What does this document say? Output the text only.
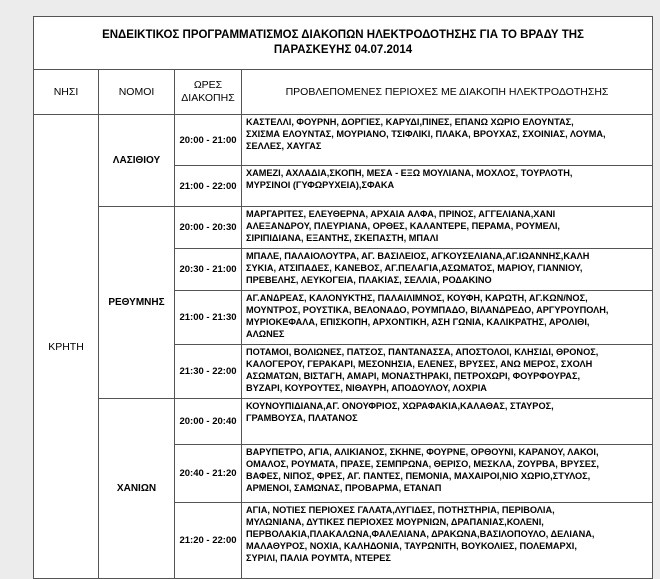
ΕΝΔΕΙΚΤΙΚΟΣ ΠΡΟΓΡΑΜΜΑΤΙΣΜΟΣ ΔΙΑΚΟΠΩΝ ΗΛΕΚΤΡΟΔΟΤΗΣΗΣ ΓΙΑ ΤΟ ΒΡΑΔΥ ΤΗΣ
ΠΑΡΑΣΚΕΥΗΣ 04.07.2014			

ΝΗΣΙ	ΝΟΜΟΙ	ΩΡΕΣ
ΔΙΑΚΟΠΗΣ	ΠΡΟΒΛΕΠΟΜΕΝΕΣ ΠΕΡΙΟΧΕΣ ΜΕ ΔΙΑΚΟΠΗ ΗΛΕΚΤΡΟΔΟΤΗΣΗΣ
ΚΡΗΤΗ	ΛΑΣΙΘΙΟΥ	20:00 - 21:00	ΚΑΣΤΕΛΛΙ, ΦΟΥΡΝΗ, ΔΟΡΓΙΕΣ, ΚΑΡΥΔΙ,ΠΙΝΕΣ, ΕΠΑΝΩ ΧΩΡΙΟ ΕΛΟΥΝΤΑΣ,
ΣΧΙΣΜΑ ΕΛΟΥΝΤΑΣ, ΜΟΥΡΙΑΝΟ, ΤΣΙΦΛΙΚΙ, ΠΛΑΚΑ, ΒΡΟΥΧΑΣ, ΣΧΟΙΝΙΑΣ, ΛΟΥΜΑ,
ΣΕΛΛΕΣ, ΧΑΥΓΑΣ
		21:00 - 22:00	ΧΑΜΕΖΙ, ΑΧΛΑΔΙΑ,ΣΚΟΠΗ, ΜΕΣΑ - ΕΞΩ ΜΟΥΛΙΑΝΑ, ΜΟΧΛΟΣ, ΤΟΥΡΛΟΤΗ,
ΜΥΡΣΙΝΟΙ (ΓΥΦΩΡΥΧΕΙΑ),ΣΦΑΚΑ
	ΡΕΘΥΜΝΗΣ	20:00 - 20:30	ΜΑΡΓΑΡΙΤΕΣ, ΕΛΕΥΘΕΡΝΑ, ΑΡΧΑΙΑ ΑΛΦΑ, ΠΡΙΝΟΣ, ΑΓΓΕΛΙΑΝΑ,ΧΑΝΙ
ΑΛΕΞΑΝΔΡΟΥ, ΠΛΕΥΡΙΑΝΑ, ΟΡΘΕΣ, ΚΑΛΑΝΤΕΡΕ, ΠΕΡΑΜΑ, ΡΟΥΜΕΛΙ,
ΣΙΡΙΠΙΔΙΑΝΑ, ΕΞΑΝΤΗΣ, ΣΚΕΠΑΣΤΗ, ΜΠΑΛΙ
		20:30 - 21:00	ΜΠΑΛΕ, ΠΑΛΑΙΟΛΟΥΤΡΑ, ΑΓ. ΒΑΣΙΛΕΙΟΣ, ΑΓΚΟΥΣΕΛΙΑΝΑ,ΑΓ.ΙΩΑΝΝΗΣ,ΚΑΛΗ
ΣΥΚΙΑ, ΑΤΣΙΠΑΔΕΣ, ΚΑΝΕΒΟΣ, ΑΓ.ΠΕΛΑΓΙΑ,ΑΣΩΜΑΤΟΣ, ΜΑΡΙΟΥ, ΓΙΑΝΝΙΟΥ,
ΠΡΕΒΕΛΗΣ, ΛΕΥΚΟΓΕΙΑ, ΠΛΑΚΙΑΣ, ΣΕΛΛΙΑ, ΡΟΔΑΚΙΝΟ
		21:00 - 21:30	ΑΓ.ΑΝΔΡΕΑΣ, ΚΑΛΟΝΥΚΤΗΣ, ΠΑΛΑΙΛΙΜΝΟΣ, ΚΟΥΦΗ, ΚΑΡΩΤΗ, ΑΓ.ΚΩΝ/ΝΟΣ,
ΜΟΥΝΤΡΟΣ, ΡΟΥΣΤΙΚΑ, ΒΕΛΟΝΑΔΟ, ΡΟΥΜΠΑΔΟ, ΒΙΛΑΝΔΡΕΔΟ, ΑΡΓΥΡΟΥΠΟΛΗ,
ΜΥΡΙΟΚΕΦΑΛΑ, ΕΠΙΣΚΟΠΗ, ΑΡΧΟΝΤΙΚΗ, ΑΣΗ ΓΩΝΙΑ, ΚΑΛΙΚΡΑΤΗΣ, ΑΡΟΛΙΘΙ,
ΑΛΩΝΕΣ
		21:30 - 22:00	ΠΟΤΑΜΟΙ, ΒΟΛΙΩΝΕΣ, ΠΑΤΣΟΣ, ΠΑΝΤΑΝΑΣΣΑ, ΑΠΟΣΤΟΛΟΙ, ΚΛΗΣΙΔΙ, ΘΡΟΝΟΣ,
ΚΑΛΟΓΕΡΟΥ, ΓΕΡΑΚΑΡΙ, ΜΕΣΟΝΗΣΙΑ, ΕΛΕΝΕΣ, ΒΡΥΣΕΣ, ΑΝΩ ΜΕΡΟΣ, ΣΧΟΛΗ
ΑΣΩΜΑΤΩΝ, ΒΙΣΤΑΓΗ, ΑΜΑΡΙ, ΜΟΝΑΣΤΗΡΑΚΙ, ΠΕΤΡΟΧΩΡΙ, ΦΟΥΡΦΟΥΡΑΣ,
ΒΥΖΑΡΙ, ΚΟΥΡΟΥΤΕΣ, ΝΙΘΑΥΡΗ, ΑΠΟΔΟΥΛΟΥ, ΛΟΧΡΙΑ
	ΧΑΝΙΩΝ	20:00 - 20:40	ΚΟΥΝΟΥΠΙΔΙΑΝΑ,ΑΓ. ΟΝΟΥΦΡΙΟΣ, ΧΩΡΑΦΑΚΙΑ,ΚΑΛΑΘΑΣ, ΣΤΑΥΡΟΣ,
ΓΡΑΜΒΟΥΣΑ, ΠΛΑΤΑΝΟΣ
		20:40 - 21:20	ΒΑΡΥΠΕΤΡΟ, ΑΓΙΑ, ΑΛΙΚΙΑΝΟΣ, ΣΚΗΝΕ, ΦΟΥΡΝΕ, ΟΡΘΟΥΝΙ, ΚΑΡΑΝΟΥ, ΛΑΚΟΙ,
ΟΜΑΛΟΣ, ΡΟΥΜΑΤΑ, ΠΡΑΣΕ, ΣΕΜΠΡΩΝΑ, ΘΕΡΙΣΟ, ΜΕΣΚΛΑ, ΖΟΥΡΒΑ, ΒΡΥΣΕΣ,
ΒΑΦΕΣ, ΝΙΠΟΣ, ΦΡΕΣ, ΑΓ. ΠΑΝΤΕΣ, ΠΕΜΟΝΙΑ, ΜΑΧΑΙΡΟΙ,ΝΙΟ ΧΩΡΙΟ,ΣΤΥΛΟΣ,
ΑΡΜΕΝΟΙ, ΣΑΜΩΝΑΣ, ΠΡΟΒΑΡΜΑ, ΕΤΑΝΑΠ
		21:20 - 22:00	ΑΓΙΑ, ΝΟΤΙΕΣ ΠΕΡΙΟΧΕΣ ΓΑΛΑΤΑ,ΛΥΓΙΔΕΣ, ΠΟΤΗΣΤΗΡΙΑ, ΠΕΡΙΒΟΛΙΑ,
ΜΥΛΩΝΙΑΝΑ, ΔΥΤΙΚΕΣ ΠΕΡΙΟΧΕΣ ΜΟΥΡΝΙΩΝ, ΔΡΑΠΑΝΙΑΣ,ΚΟΛΕΝΙ,
ΠΕΡΒΟΛΑΚΙΑ,ΠΛΑΚΑΛΩΝΑ,ΦΑΛΕΛΙΑΝΑ, ΔΡΑΚΩΝΑ,ΒΑΣΙΛΟΠΟΥΛΟ, ΔΕΛΙΑΝΑ,
ΜΑΛΑΘΥΡΟΣ, ΝΟΧΙΑ, ΚΑΛΗΔΟΝΙΑ, ΤΑΥΡΩΝΙΤΗ, ΒΟΥΚΟΛΙΕΣ, ΠΟΛΕΜΑΡΧΙ,
ΣΥΡΙΛΙ, ΠΑΛΙΑ ΡΟΥΜΤΑ, ΝΤΕΡΕΣ
